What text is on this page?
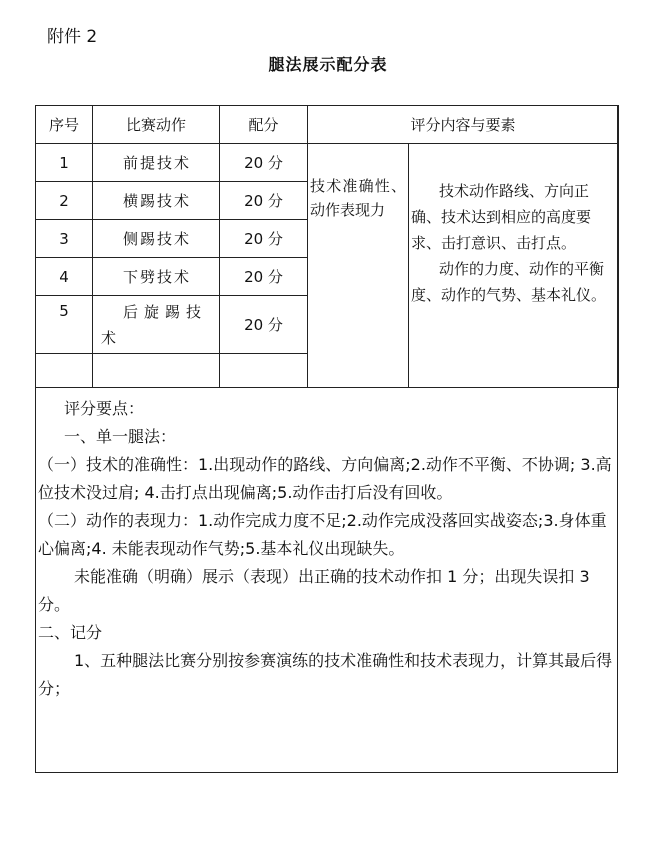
附件 2
腿法展示配分表
序号	比赛动作	配分	评分内容与要素	
1	前提技术	20 分	技术准确性、动作表现力	技术动作路线、方向正确、技术达到相应的高度要求、击打意识、击打点。

动作的力度、动作的平衡度、动作的气势、基本礼仪。

2	横踢技术	20 分		
3	侧踢技术	20 分		
4	下劈技术	20 分		
5	后旋踢技术	20 分		

评分要点：

一、单一腿法：

（一）技术的准确性：1.出现动作的路线、方向偏离;2.动作不平衡、不协调; 3.高位技术没过肩; 4.击打点出现偏离;5.动作击打后没有回收。

（二）动作的表现力：1.动作完成力度不足;2.动作完成没落回实战姿态;3.身体重心偏离;4. 未能表现动作气势;5.基本礼仪出现缺失。

未能准确（明确）展示（表现）出正确的技术动作扣 1 分；出现失误扣 3 分。

二、记分

1、五种腿法比赛分别按参赛演练的技术准确性和技术表现力，计算其最后得分；
